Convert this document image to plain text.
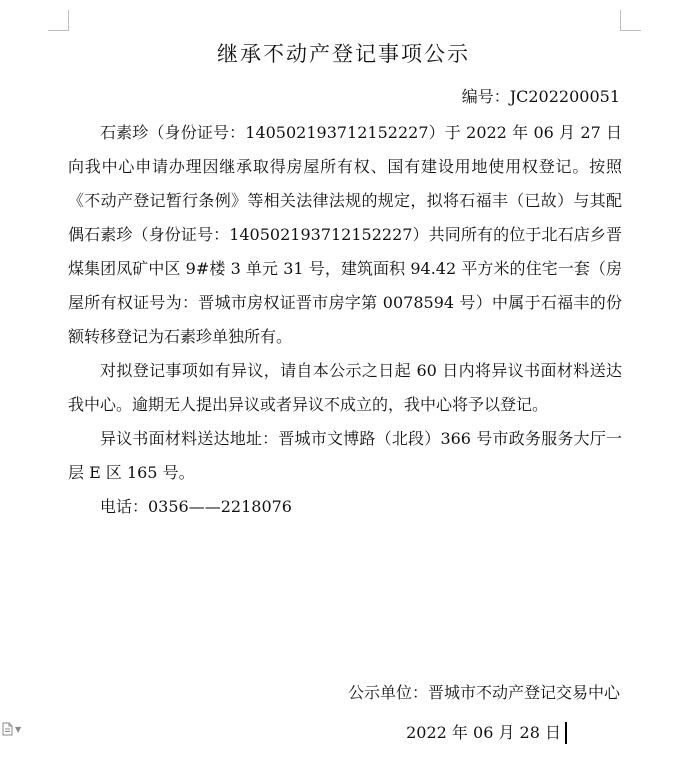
继承不动产登记事项公示
编号：JC202200051

石素珍（身份证号：140502193712152227）于 2022 年 06 月 27 日向我中心申请办理因继承取得房屋所有权、国有建设用地使用权登记。按照《不动产登记暂行条例》等相关法律法规的规定，拟将石福丰（已故）与其配偶石素珍（身份证号：140502193712152227）共同所有的位于北石店乡晋煤集团凤矿中区 9#楼 3 单元 31 号，建筑面积 94.42 平方米的住宅一套（房屋所有权证号为：晋城市房权证晋市房字第 0078594 号）中属于石福丰的份额转移登记为石素珍单独所有。

对拟登记事项如有异议，请自本公示之日起 60 日内将异议书面材料送达我中心。逾期无人提出异议或者异议不成立的，我中心将予以登记。

异议书面材料送达地址：晋城市文博路（北段）366 号市政务服务大厅一层 E 区 165 号。

电话：0356——2218076

公示单位：晋城市不动产登记交易中心
2022 年 06 月 28 日
▼
